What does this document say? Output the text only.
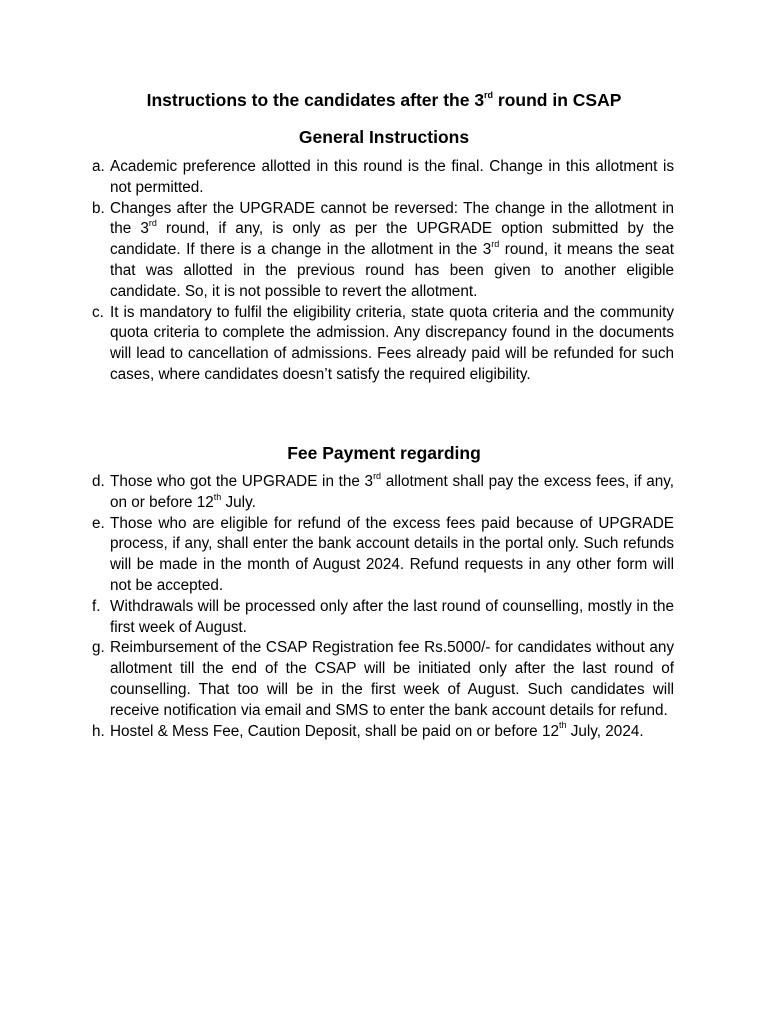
Instructions to the candidates after the 3rd round in CSAP
General Instructions
a. Academic preference allotted in this round is the final. Change in this allotment is not permitted.
b. Changes after the UPGRADE cannot be reversed: The change in the allotment in the 3rd round, if any, is only as per the UPGRADE option submitted by the candidate. If there is a change in the allotment in the 3rd round, it means the seat that was allotted in the previous round has been given to another eligible candidate. So, it is not possible to revert the allotment.
c. It is mandatory to fulfil the eligibility criteria, state quota criteria and the community quota criteria to complete the admission. Any discrepancy found in the documents will lead to cancellation of admissions. Fees already paid will be refunded for such cases, where candidates doesn’t satisfy the required eligibility.
Fee Payment regarding
d. Those who got the UPGRADE in the 3rd allotment shall pay the excess fees, if any, on or before 12th July.
e. Those who are eligible for refund of the excess fees paid because of UPGRADE process, if any, shall enter the bank account details in the portal only. Such refunds will be made in the month of August 2024. Refund requests in any other form will not be accepted.
f. Withdrawals will be processed only after the last round of counselling, mostly in the first week of August.
g. Reimbursement of the CSAP Registration fee Rs.5000/- for candidates without any allotment till the end of the CSAP will be initiated only after the last round of counselling. That too will be in the first week of August. Such candidates will receive notification via email and SMS to enter the bank account details for refund.
h. Hostel & Mess Fee, Caution Deposit, shall be paid on or before 12th July, 2024.
